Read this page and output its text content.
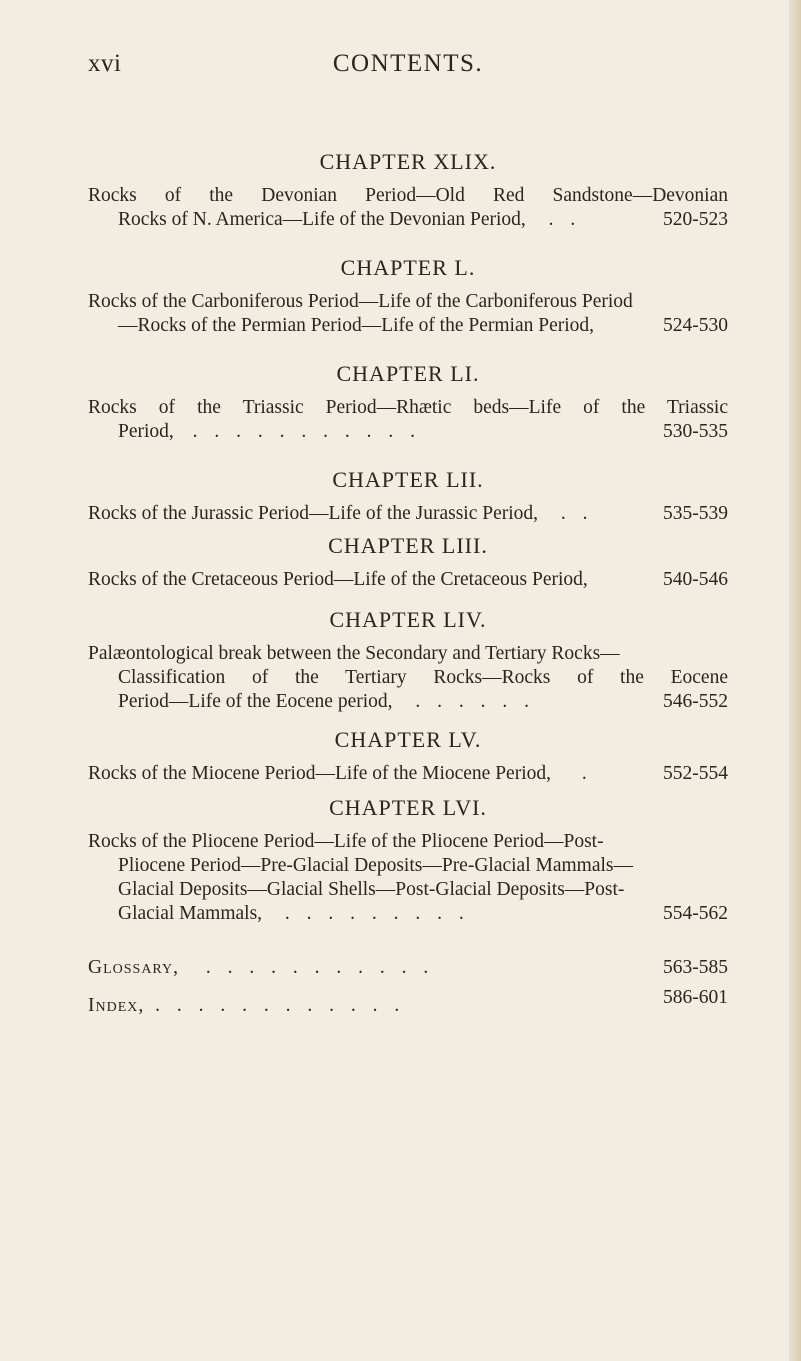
xvi	CONTENTS.
CHAPTER XLIX.
Rocks of the Devonian Period—Old Red Sandstone—Devonian
Rocks of N. America—Life of the Devonian Period, . .	520-523
CHAPTER L.
Rocks of the Carboniferous Period—Life of the Carboniferous Period
—Rocks of the Permian Period—Life of the Permian Period,	524-530
CHAPTER LI.
Rocks of the Triassic Period—Rhætic beds—Life of the Triassic
Period, . . . . . . . . . . .	530-535
CHAPTER LII.
Rocks of the Jurassic Period—Life of the Jurassic Period, . .	535-539
CHAPTER LIII.
Rocks of the Cretaceous Period—Life of the Cretaceous Period,	540-546
CHAPTER LIV.
Palæontological break between the Secondary and Tertiary Rocks—
Classification of the Tertiary Rocks—Rocks of the Eocene
Period—Life of the Eocene period, . . . . . .	546-552
CHAPTER LV.
Rocks of the Miocene Period—Life of the Miocene Period, .	552-554
CHAPTER LVI.
Rocks of the Pliocene Period—Life of the Pliocene Period—Post-
Pliocene Period—Pre-Glacial Deposits—Pre-Glacial Mammals—
Glacial Deposits—Glacial Shells—Post-Glacial Deposits—Post-
Glacial Mammals, . . . . . . . . .	554-562
Glossary, . . . . . . . . . . .	563-585
Index, . . . . . . . . . . . .	586-601
